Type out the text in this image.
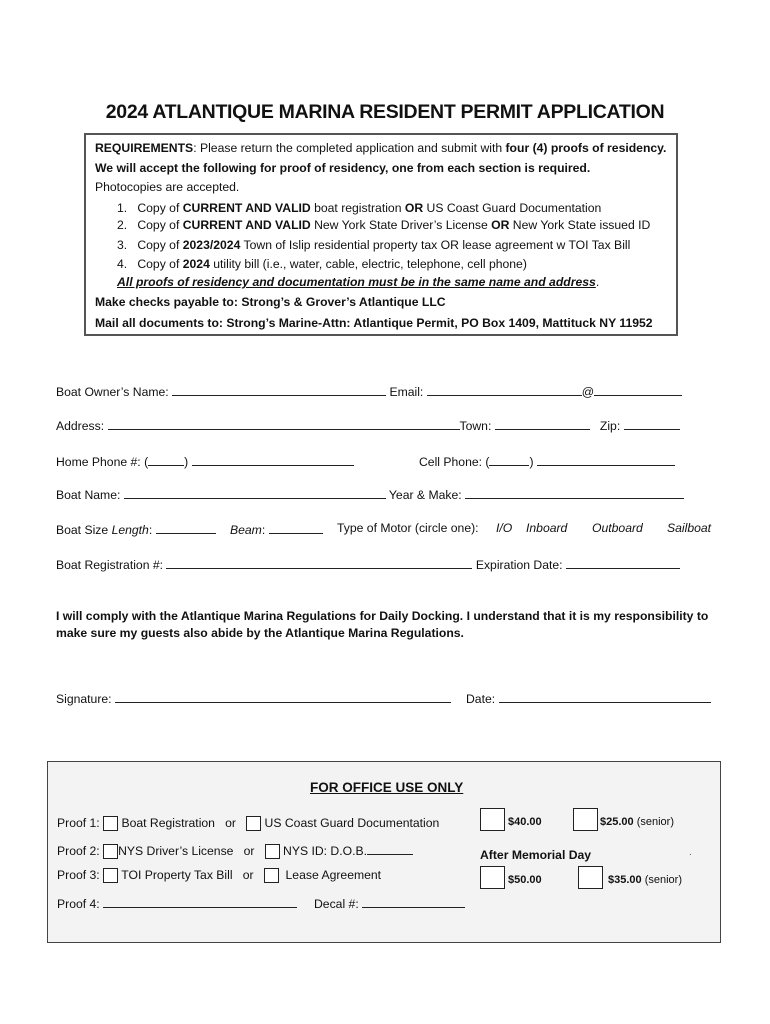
2024 ATLANTIQUE MARINA RESIDENT PERMIT APPLICATION
REQUIREMENTS: Please return the completed application and submit with four (4) proofs of residency.
We will accept the following for proof of residency, one from each section is required.
Photocopies are accepted.
1. Copy of CURRENT AND VALID boat registration OR US Coast Guard Documentation
2. Copy of CURRENT AND VALID New York State Driver’s License OR New York State issued ID
3. Copy of 2023/2024 Town of Islip residential property tax OR lease agreement w TOI Tax Bill
4. Copy of 2024 utility bill (i.e., water, cable, electric, telephone, cell phone)
All proofs of residency and documentation must be in the same name and address.
Make checks payable to: Strong’s & Grover’s Atlantique LLC
Mail all documents to: Strong’s Marine-Attn: Atlantique Permit, PO Box 1409, Mattituck NY 11952
Boat Owner’s Name:	Email:	@
Address:	Town:	Zip:
Home Phone #: (	)	Cell Phone: (	)
Boat Name:	Year & Make:
Boat Size Length:	Beam:	Type of Motor (circle one): I/O Inboard Outboard Sailboat
Boat Registration #:	Expiration Date:
I will comply with the Atlantique Marina Regulations for Daily Docking. I understand that it is my responsibility to
make sure my guests also abide by the Atlantique Marina Regulations.
Signature:	Date:
FOR OFFICE USE ONLY
Proof 1: Boat Registration or US Coast Guard Documentation
Proof 2: NYS Driver’s License or NYS ID: D.O.B.
Proof 3: TOI Property Tax Bill or	Lease Agreement
Proof 4:	Decal #:
$40.00	$25.00 (senior)
After Memorial Day	.
$50.00	$35.00 (senior)
